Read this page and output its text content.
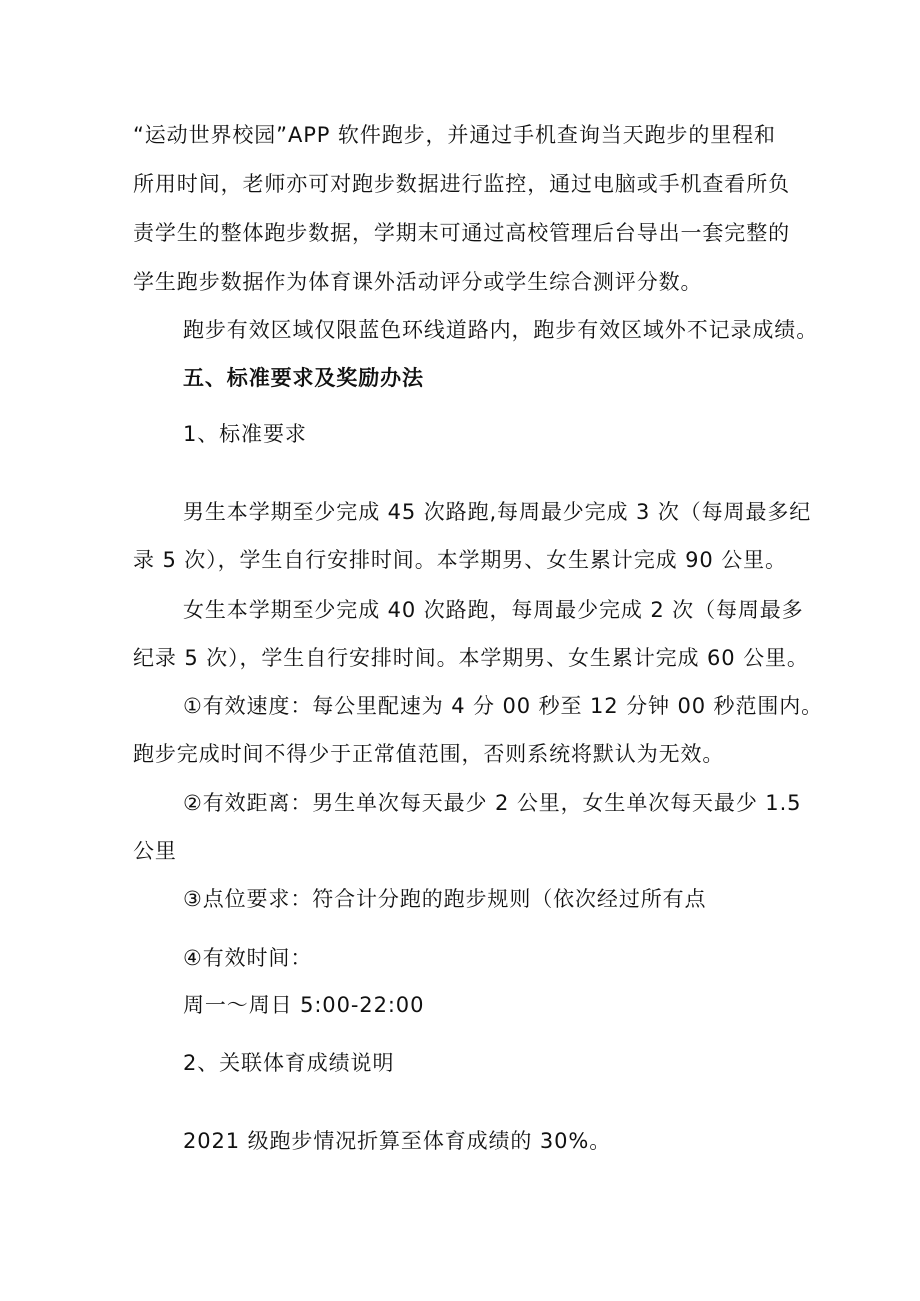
“运动世界校园”APP 软件跑步，并通过手机查询当天跑步的里程和
所用时间，老师亦可对跑步数据进行监控，通过电脑或手机查看所负
责学生的整体跑步数据，学期末可通过高校管理后台导出一套完整的
学生跑步数据作为体育课外活动评分或学生综合测评分数。
跑步有效区域仅限蓝色环线道路内，跑步有效区域外不记录成绩。
五、标准要求及奖励办法
1、标准要求
男生本学期至少完成 45 次路跑,每周最少完成 3 次（每周最多纪
录 5 次），学生自行安排时间。本学期男、女生累计完成 90 公里。
女生本学期至少完成 40 次路跑，每周最少完成 2 次（每周最多
纪录 5 次），学生自行安排时间。本学期男、女生累计完成 60 公里。
①有效速度：每公里配速为 4 分 00 秒至 12 分钟 00 秒范围内。
跑步完成时间不得少于正常值范围，否则系统将默认为无效。
②有效距离：男生单次每天最少 2 公里，女生单次每天最少 1.5
公里
③点位要求：符合计分跑的跑步规则（依次经过所有点
④有效时间：
周一〜周日 5:00-22:00
2、关联体育成绩说明
2021 级跑步情况折算至体育成绩的 30%。
